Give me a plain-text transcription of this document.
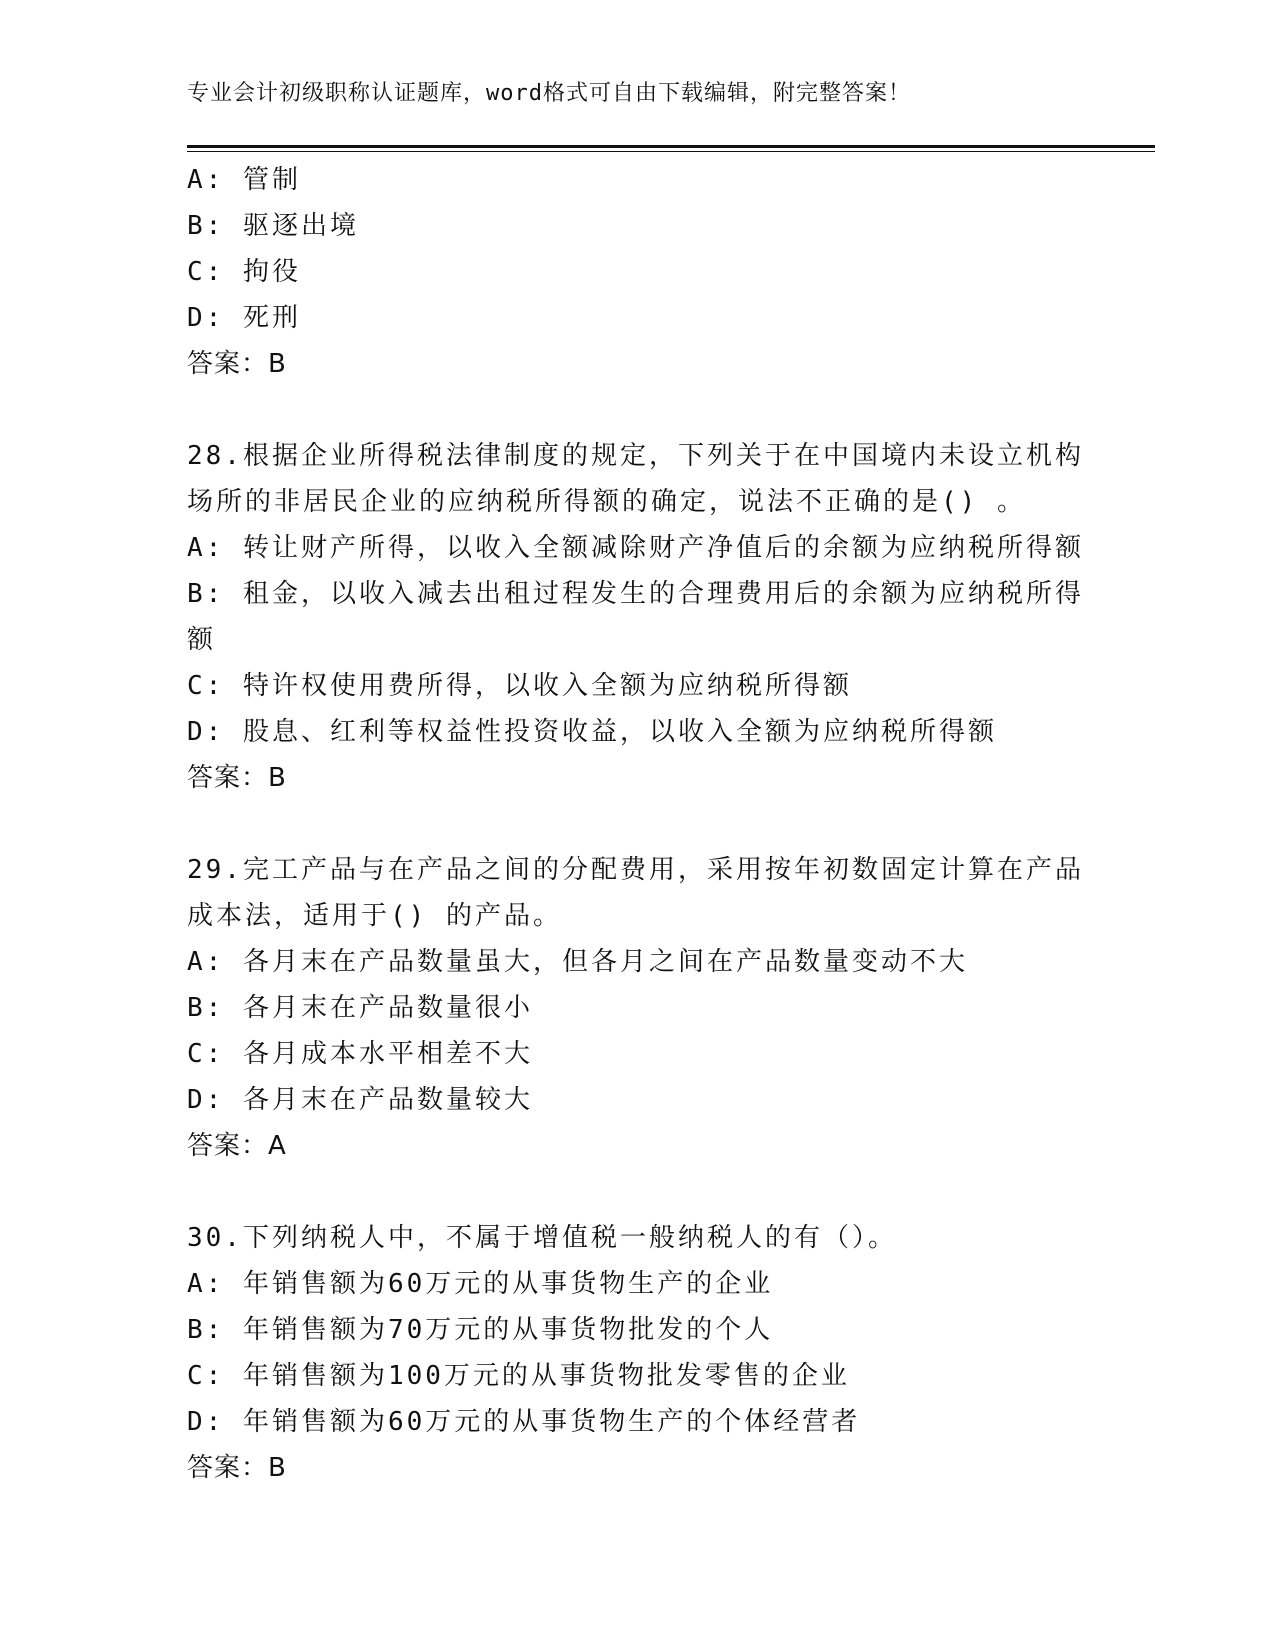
专业会计初级职称认证题库，word格式可自由下载编辑，附完整答案！
A: 管制
B: 驱逐出境
C: 拘役
D: 死刑
答案：B
28.根据企业所得税法律制度的规定，下列关于在中国境内未设立机构
场所的非居民企业的应纳税所得额的确定，说法不正确的是() 。
A: 转让财产所得，以收入全额减除财产净值后的余额为应纳税所得额
B: 租金，以收入减去出租过程发生的合理费用后的余额为应纳税所得
额
C: 特许权使用费所得，以收入全额为应纳税所得额
D: 股息、红利等权益性投资收益，以收入全额为应纳税所得额
答案：B
29.完工产品与在产品之间的分配费用，采用按年初数固定计算在产品
成本法，适用于() 的产品。
A: 各月末在产品数量虽大，但各月之间在产品数量变动不大
B: 各月末在产品数量很小
C: 各月成本水平相差不大
D: 各月末在产品数量较大
答案：A
30.下列纳税人中，不属于增值税一般纳税人的有（）。
A: 年销售额为60万元的从事货物生产的企业
B: 年销售额为70万元的从事货物批发的个人
C: 年销售额为100万元的从事货物批发零售的企业
D: 年销售额为60万元的从事货物生产的个体经营者
答案：B
